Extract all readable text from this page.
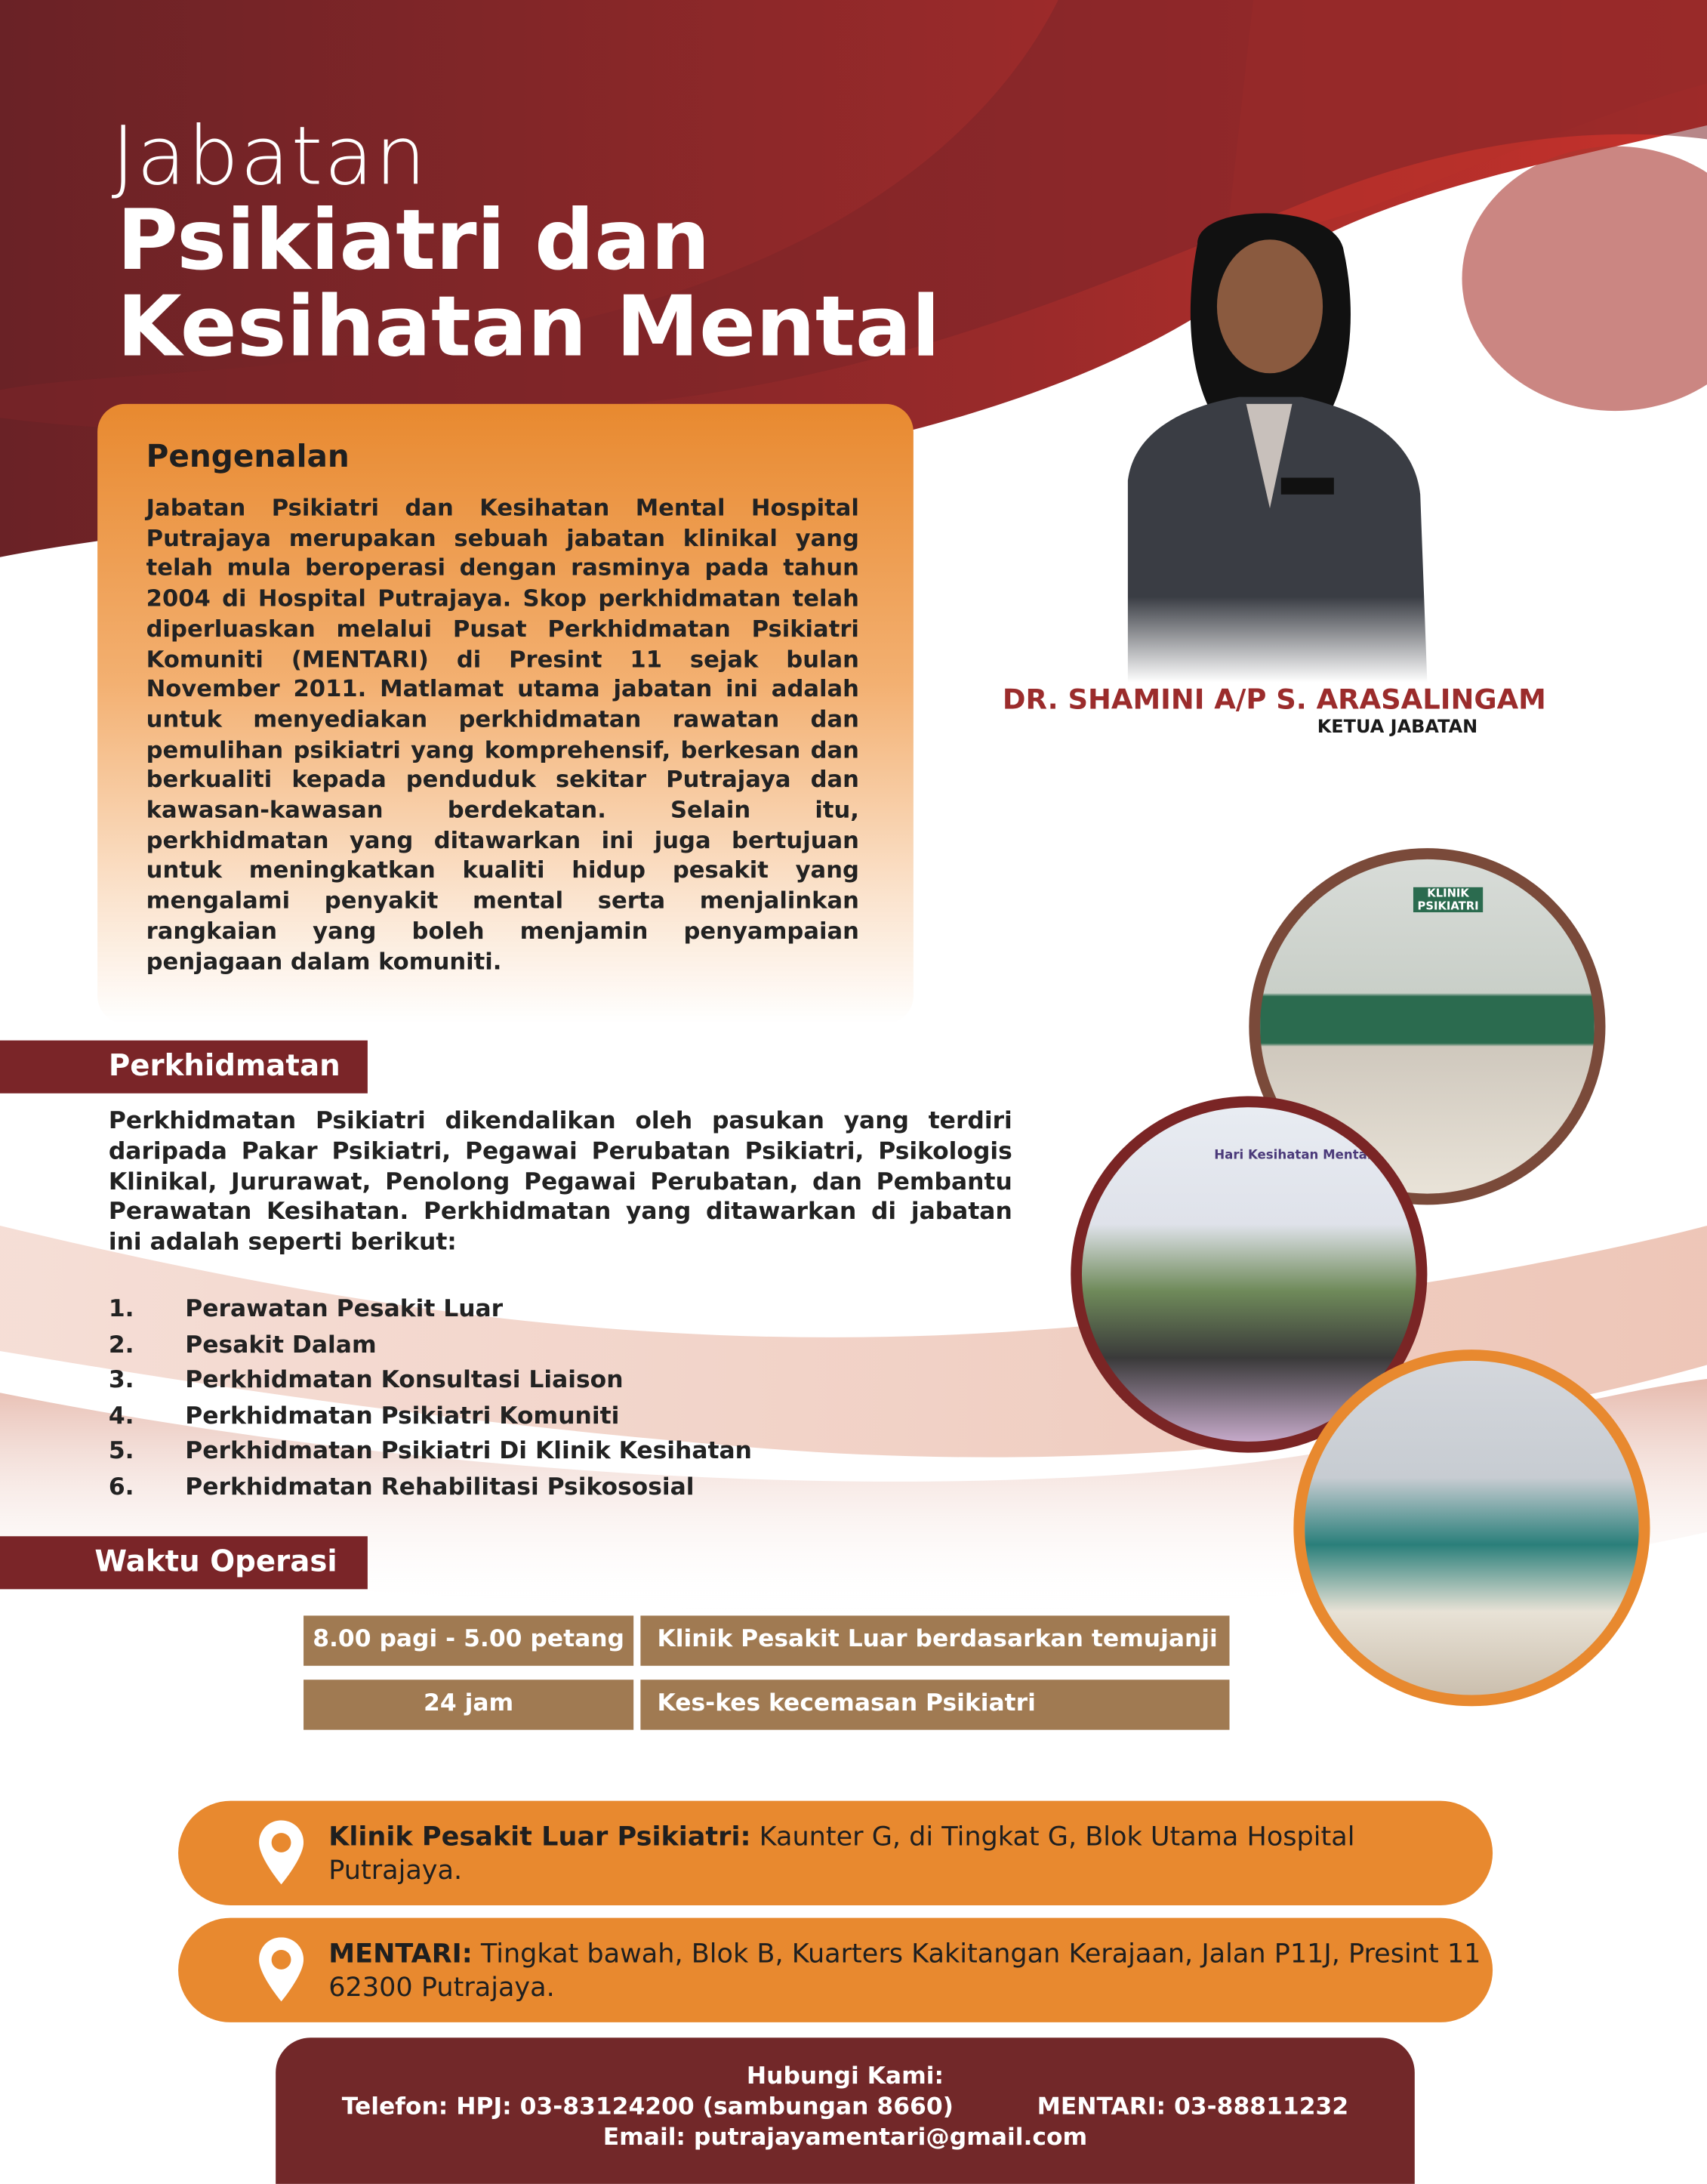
Jabatan
Psikiatri dan
Kesihatan Mental
Pengenalan

Jabatan Psikiatri dan Kesihatan Mental Hospital Putrajaya merupakan sebuah jabatan klinikal yang telah mula beroperasi dengan rasminya pada tahun 2004 di Hospital Putrajaya. Skop perkhidmatan telah diperluaskan melalui Pusat Perkhidmatan Psikiatri Komuniti (MENTARI) di Presint 11 sejak bulan November 2011. Matlamat utama jabatan ini adalah untuk menyediakan perkhidmatan rawatan dan pemulihan psikiatri yang komprehensif, berkesan dan berkualiti kepada penduduk sekitar Putrajaya dan kawasan-kawasan berdekatan. Selain itu, perkhidmatan yang ditawarkan ini juga bertujuan untuk meningkatkan kualiti hidup pesakit yang mengalami penyakit mental serta menjalinkan rangkaian yang boleh menjamin penyampaian penjagaan dalam komuniti.

DR. SHAMINI A/P S. ARASALINGAM
KETUA JABATAN
KLINIK PSIKIATRI
Hari Kesihatan Mental
Perkhidmatan
Perkhidmatan Psikiatri dikendalikan oleh pasukan yang terdiri daripada Pakar Psikiatri, Pegawai Perubatan Psikiatri, Psikologis Klinikal, Jururawat, Penolong Pegawai Perubatan, dan Pembantu Perawatan Kesihatan. Perkhidmatan yang ditawarkan di jabatan ini adalah seperti berikut:
1.	Perawatan Pesakit Luar
2.	Pesakit Dalam
3.	Perkhidmatan Konsultasi Liaison
4.	Perkhidmatan Psikiatri Komuniti
5.	Perkhidmatan Psikiatri Di Klinik Kesihatan
6.	Perkhidmatan Rehabilitasi Psikososial
Waktu Operasi
8.00 pagi - 5.00 petang	Klinik Pesakit Luar berdasarkan temujanji
24 jam	Kes-kes kecemasan Psikiatri
Klinik Pesakit Luar Psikiatri: Kaunter G, di Tingkat G, Blok Utama Hospital Putrajaya.
MENTARI: Tingkat bawah, Blok B, Kuarters Kakitangan Kerajaan, Jalan P11J, Presint 11 62300 Putrajaya.
Hubungi Kami:
Telefon: HPJ: 03-83124200 (sambungan 8660)	MENTARI: 03-88811232
Email: putrajayamentari@gmail.com
